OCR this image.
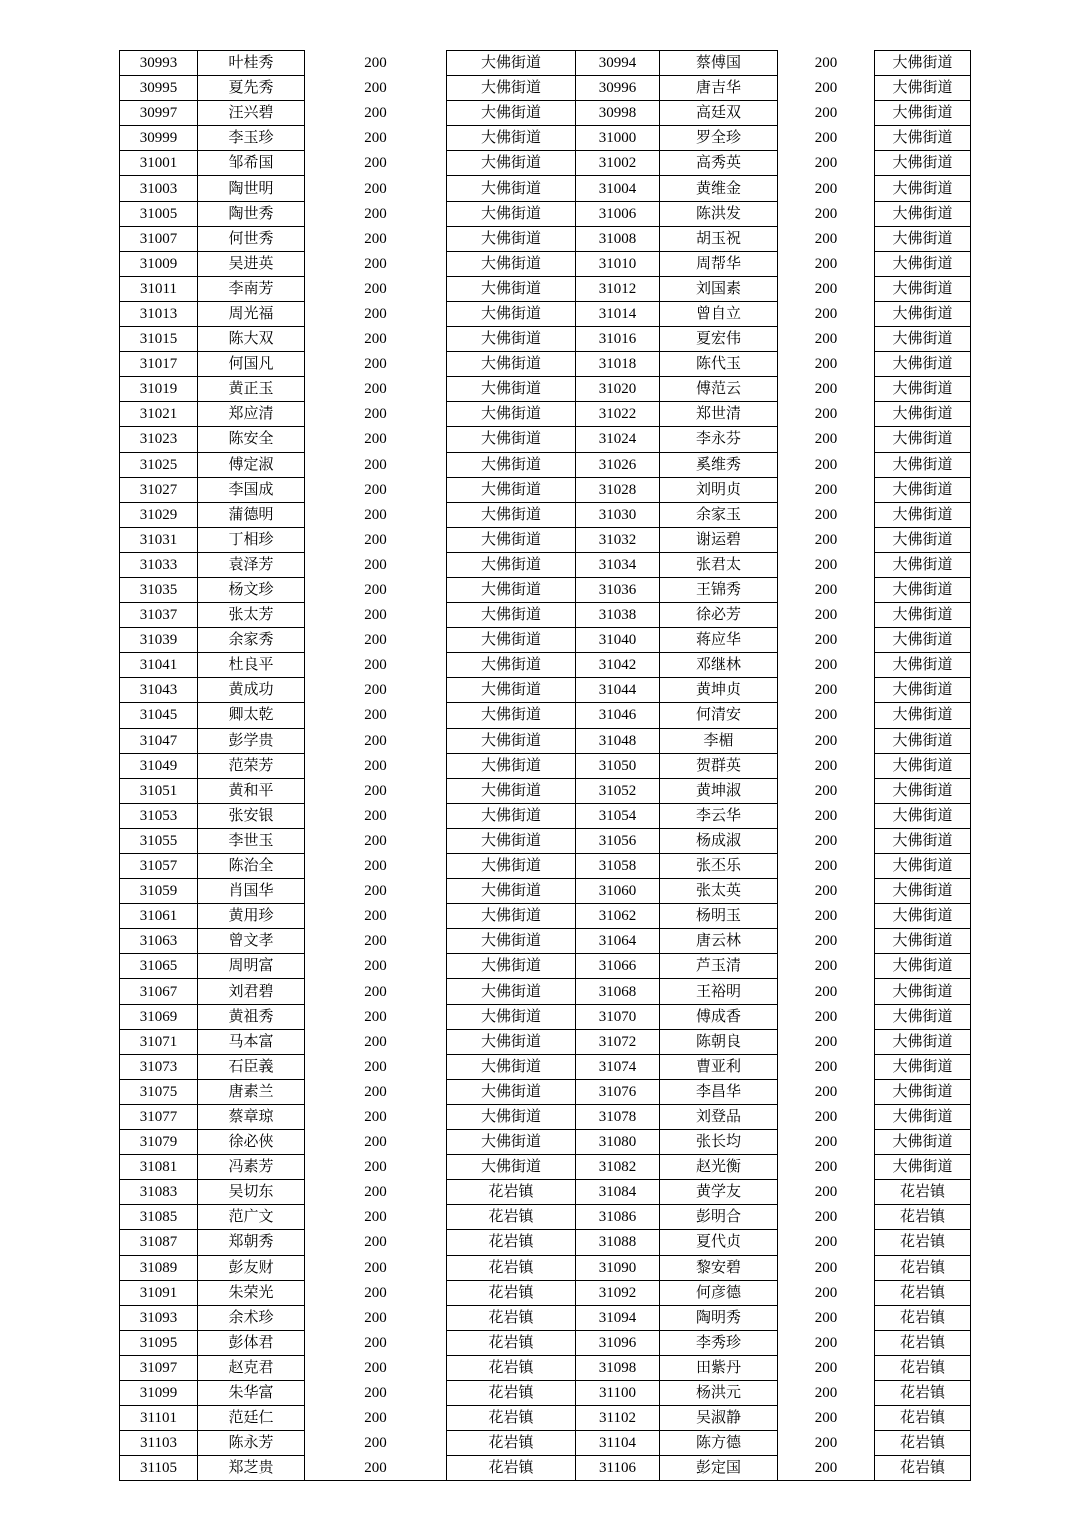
30993	叶桂秀	200	大佛街道	30994	蔡傅国	200	大佛街道
30995	夏先秀	200	大佛街道	30996	唐吉华	200	大佛街道
30997	汪兴碧	200	大佛街道	30998	高廷双	200	大佛街道
30999	李玉珍	200	大佛街道	31000	罗全珍	200	大佛街道
31001	邹希国	200	大佛街道	31002	高秀英	200	大佛街道
31003	陶世明	200	大佛街道	31004	黄维金	200	大佛街道
31005	陶世秀	200	大佛街道	31006	陈洪发	200	大佛街道
31007	何世秀	200	大佛街道	31008	胡玉祝	200	大佛街道
31009	吴进英	200	大佛街道	31010	周帮华	200	大佛街道
31011	李南芳	200	大佛街道	31012	刘国素	200	大佛街道
31013	周光福	200	大佛街道	31014	曾自立	200	大佛街道
31015	陈大双	200	大佛街道	31016	夏宏伟	200	大佛街道
31017	何国凡	200	大佛街道	31018	陈代玉	200	大佛街道
31019	黄正玉	200	大佛街道	31020	傅范云	200	大佛街道
31021	郑应清	200	大佛街道	31022	郑世清	200	大佛街道
31023	陈安全	200	大佛街道	31024	李永芬	200	大佛街道
31025	傅定淑	200	大佛街道	31026	奚维秀	200	大佛街道
31027	李国成	200	大佛街道	31028	刘明贞	200	大佛街道
31029	蒲德明	200	大佛街道	31030	余家玉	200	大佛街道
31031	丁相珍	200	大佛街道	31032	谢运碧	200	大佛街道
31033	袁泽芳	200	大佛街道	31034	张君太	200	大佛街道
31035	杨文珍	200	大佛街道	31036	王锦秀	200	大佛街道
31037	张太芳	200	大佛街道	31038	徐必芳	200	大佛街道
31039	余家秀	200	大佛街道	31040	蒋应华	200	大佛街道
31041	杜良平	200	大佛街道	31042	邓继林	200	大佛街道
31043	黄成功	200	大佛街道	31044	黄坤贞	200	大佛街道
31045	卿太乾	200	大佛街道	31046	何清安	200	大佛街道
31047	彭学贵	200	大佛街道	31048	李楣	200	大佛街道
31049	范荣芳	200	大佛街道	31050	贺群英	200	大佛街道
31051	黄和平	200	大佛街道	31052	黄坤淑	200	大佛街道
31053	张安银	200	大佛街道	31054	李云华	200	大佛街道
31055	李世玉	200	大佛街道	31056	杨成淑	200	大佛街道
31057	陈治全	200	大佛街道	31058	张丕乐	200	大佛街道
31059	肖国华	200	大佛街道	31060	张太英	200	大佛街道
31061	黄用珍	200	大佛街道	31062	杨明玉	200	大佛街道
31063	曾文孝	200	大佛街道	31064	唐云林	200	大佛街道
31065	周明富	200	大佛街道	31066	芦玉清	200	大佛街道
31067	刘君碧	200	大佛街道	31068	王裕明	200	大佛街道
31069	黄祖秀	200	大佛街道	31070	傅成香	200	大佛街道
31071	马本富	200	大佛街道	31072	陈朝良	200	大佛街道
31073	石臣義	200	大佛街道	31074	曹亚利	200	大佛街道
31075	唐素兰	200	大佛街道	31076	李昌华	200	大佛街道
31077	蔡章琼	200	大佛街道	31078	刘登品	200	大佛街道
31079	徐必俠	200	大佛街道	31080	张长均	200	大佛街道
31081	冯素芳	200	大佛街道	31082	赵光衡	200	大佛街道
31083	吴切东	200	花岩镇	31084	黄学友	200	花岩镇
31085	范广文	200	花岩镇	31086	彭明合	200	花岩镇
31087	郑朝秀	200	花岩镇	31088	夏代贞	200	花岩镇
31089	彭友财	200	花岩镇	31090	黎安碧	200	花岩镇
31091	朱荣光	200	花岩镇	31092	何彦德	200	花岩镇
31093	余术珍	200	花岩镇	31094	陶明秀	200	花岩镇
31095	彭体君	200	花岩镇	31096	李秀珍	200	花岩镇
31097	赵克君	200	花岩镇	31098	田紫丹	200	花岩镇
31099	朱华富	200	花岩镇	31100	杨洪元	200	花岩镇
31101	范廷仁	200	花岩镇	31102	吴淑静	200	花岩镇
31103	陈永芳	200	花岩镇	31104	陈方德	200	花岩镇
31105	郑芝贵	200	花岩镇	31106	彭定国	200	花岩镇
